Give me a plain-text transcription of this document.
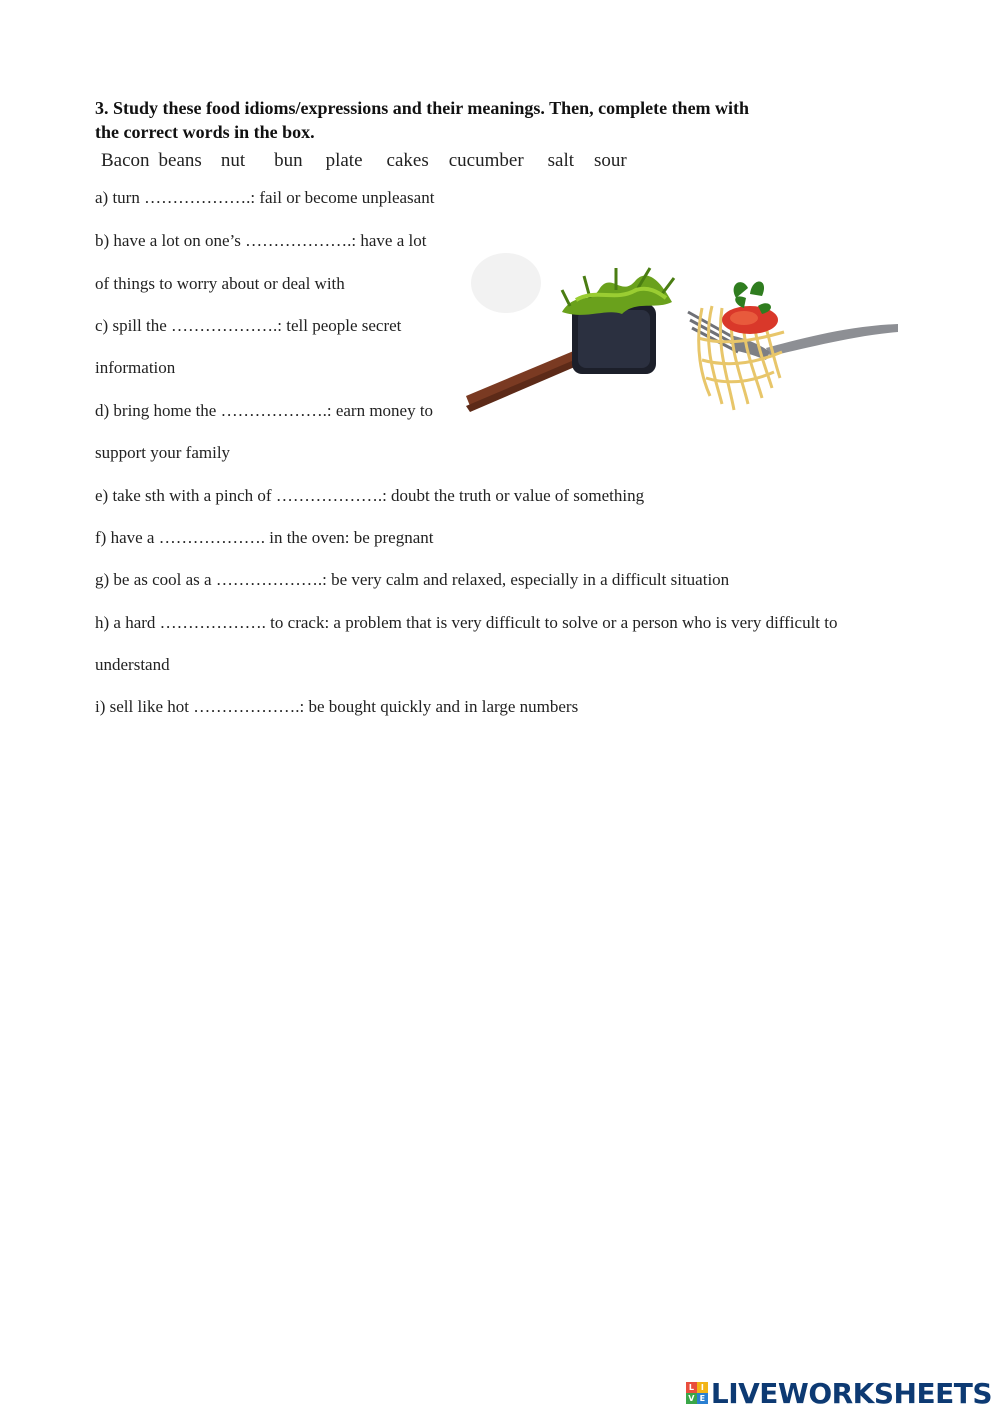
3. Study these food idioms/expressions and their meanings. Then, complete them with the correct words in the box.
Bacon beans nut bun plate cakes cucumber salt sour
a) turn ……………….: fail or become unpleasant
b) have a lot on one’s ……………….: have a lot
of things to worry about or deal with
c) spill the ……………….: tell people secret
information
d) bring home the ……………….: earn money to
support your family
e) take sth with a pinch of ……………….: doubt the truth or value of something
f) have a ………………. in the oven: be pregnant
g) be as cool as a ……………….: be very calm and relaxed, especially in a difficult situation
h) a hard ………………. to crack: a problem that is very difficult to solve or a person who is very difficult to
understand
i) sell like hot ……………….: be bought quickly and in large numbers
L I
V E LIVEWORKSHEETS
